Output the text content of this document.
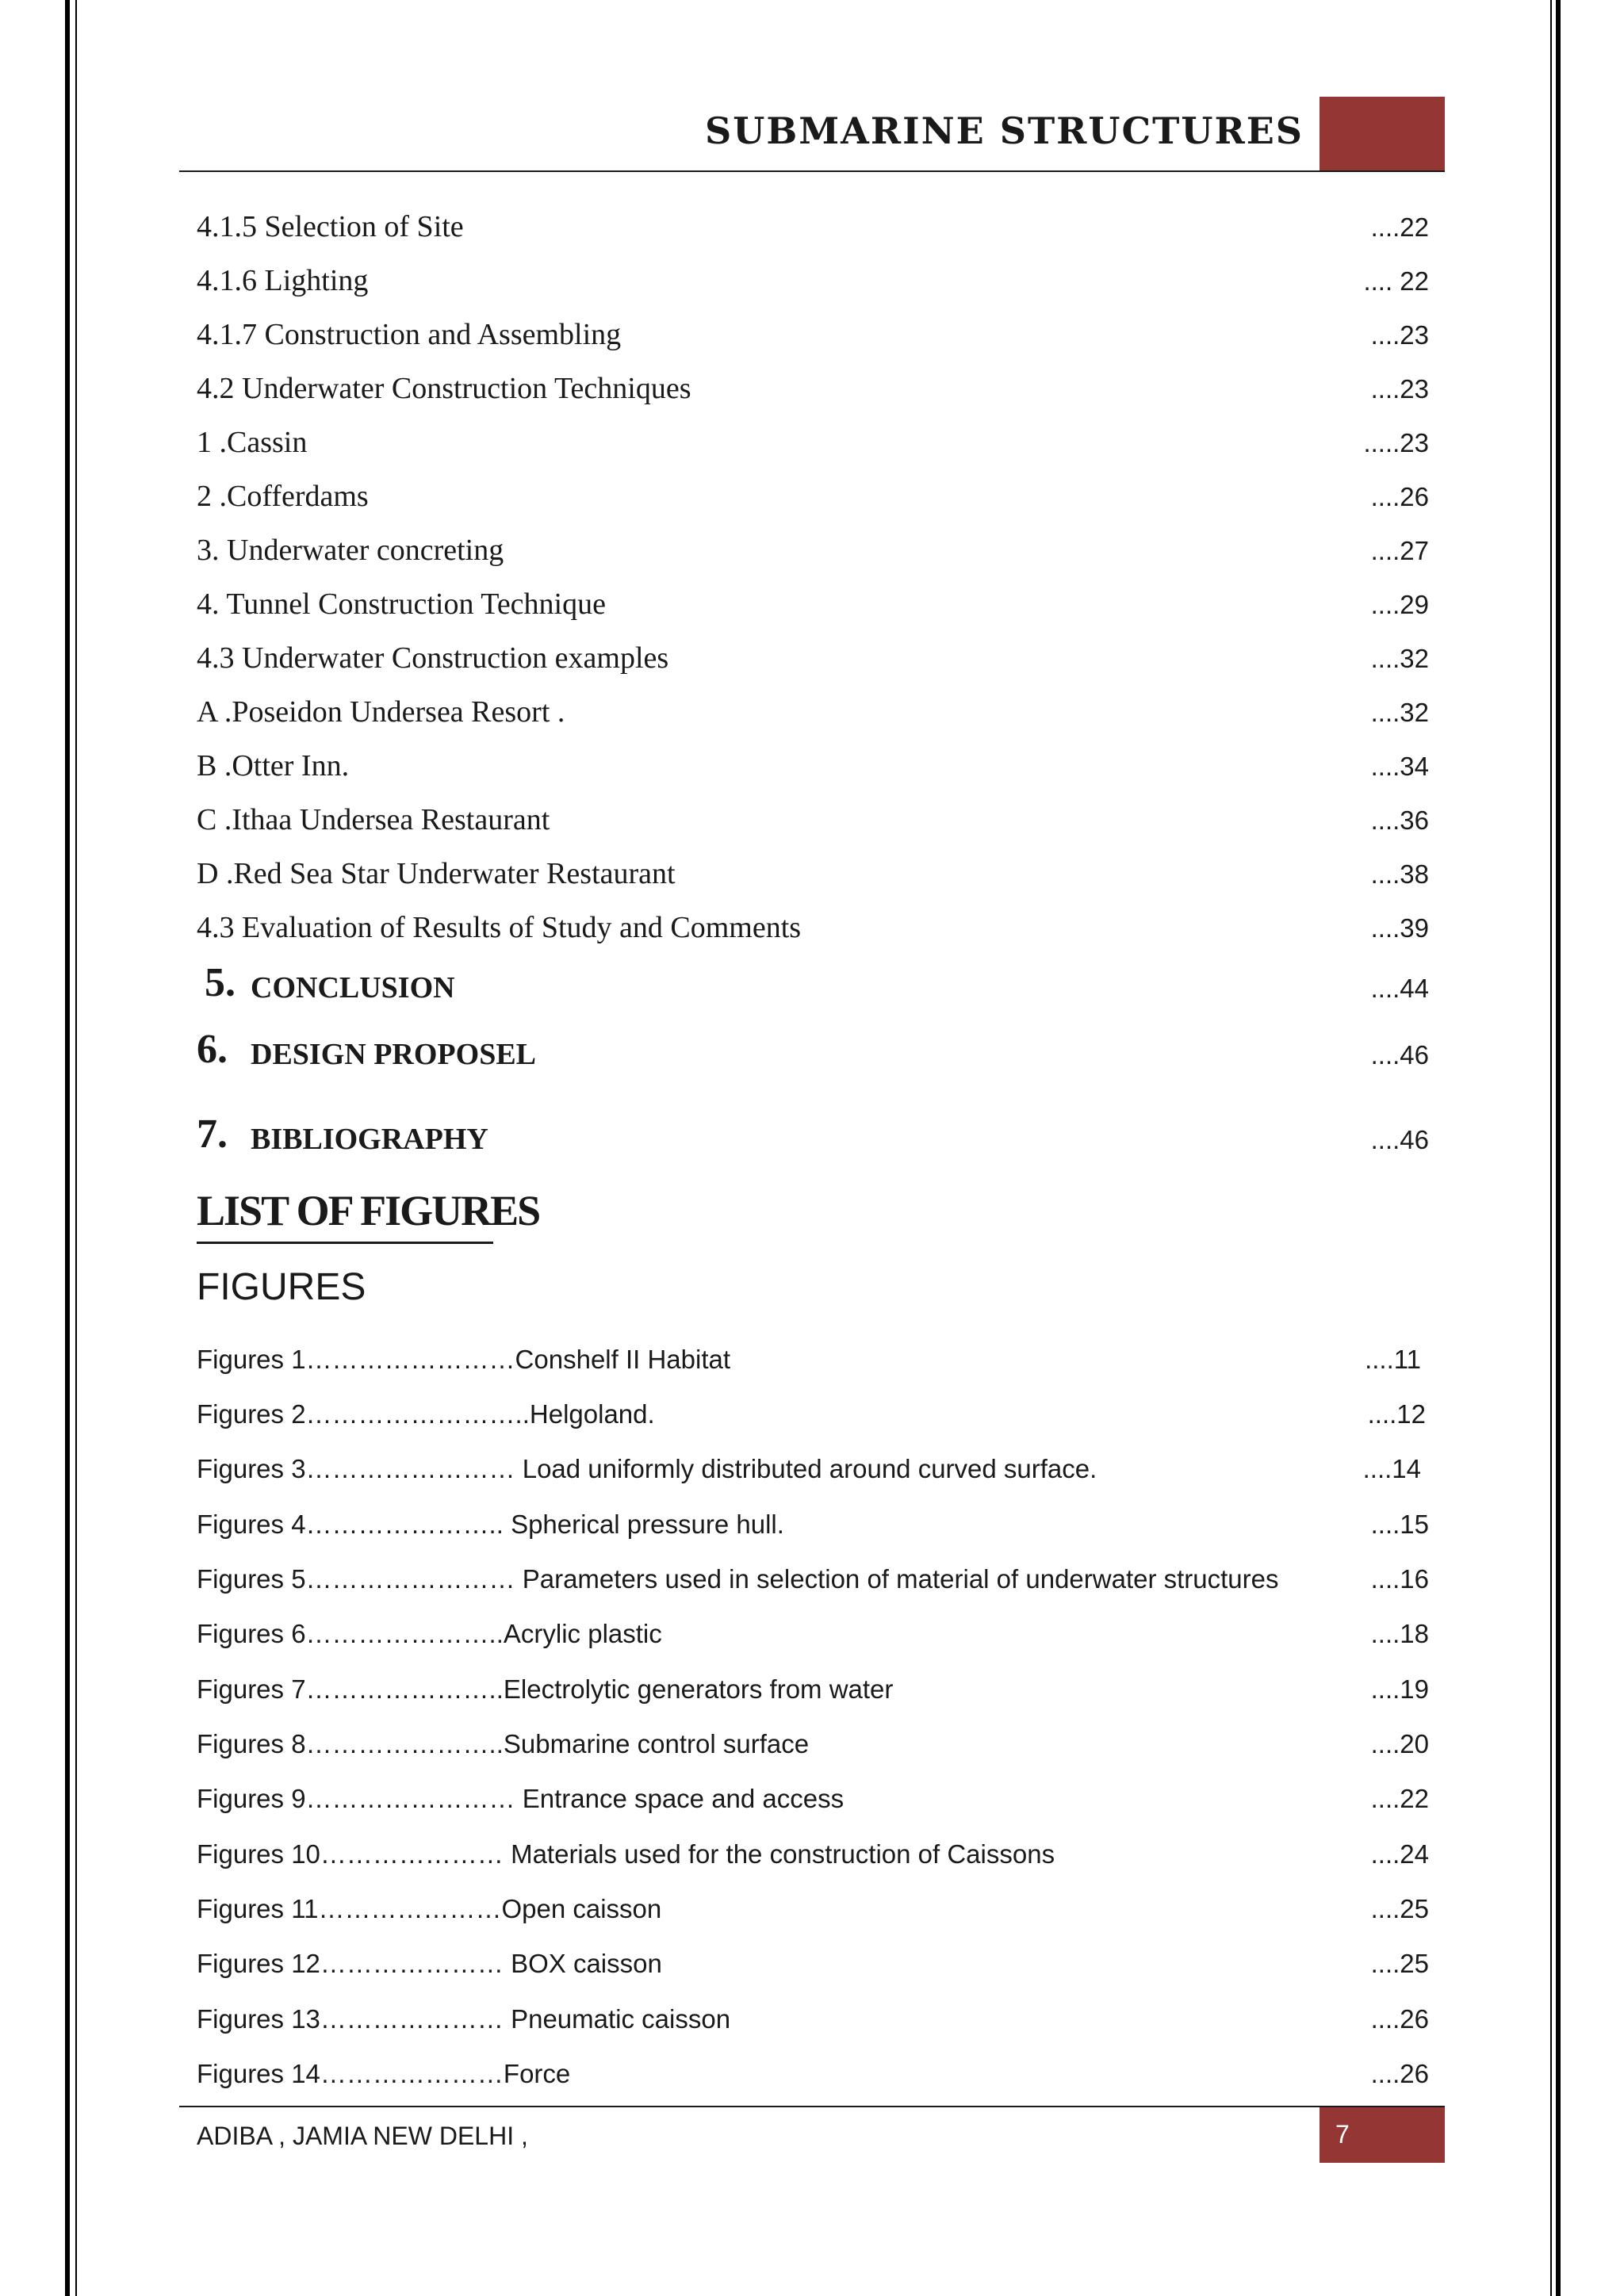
SUBMARINE STRUCTURES
4.1.5 Selection of Site	....22
4.1.6 Lighting	.... 22
4.1.7 Construction and Assembling	....23
4.2 Underwater Construction Techniques	....23
1 .Cassin	.....23
2 .Cofferdams	....26
3. Underwater concreting	....27
4. Tunnel Construction Technique	....29
4.3 Underwater Construction examples	....32
A .Poseidon Undersea Resort .	....32
B .Otter Inn.	....34
C .Ithaa Undersea Restaurant	....36
D .Red Sea Star Underwater Restaurant	....38
4.3 Evaluation of Results of Study and Comments	....39
5. CONCLUSION	....44
6. DESIGN PROPOSEL	....46
7. BIBLIOGRAPHY	....46
LIST OF FIGURES
FIGURES
Figures 1……………………Conshelf II Habitat	....11
Figures 2……………………..Helgoland.	....12
Figures 3…………………… Load uniformly distributed around curved surface.	....14
Figures 4………………….. Spherical pressure hull.	....15
Figures 5…………………… Parameters used in selection of material of underwater structures	....16
Figures 6…………………..Acrylic plastic	....18
Figures 7…………………..Electrolytic generators from water	....19
Figures 8…………………..Submarine control surface	....20
Figures 9…………………… Entrance space and access	....22
Figures 10………………… Materials used for the construction of Caissons	....24
Figures 11…………………Open caisson	....25
Figures 12………………… BOX caisson	....25
Figures 13………………… Pneumatic caisson	....26
Figures 14…………………Force	....26
ADIBA , JAMIA NEW DELHI ,	7
